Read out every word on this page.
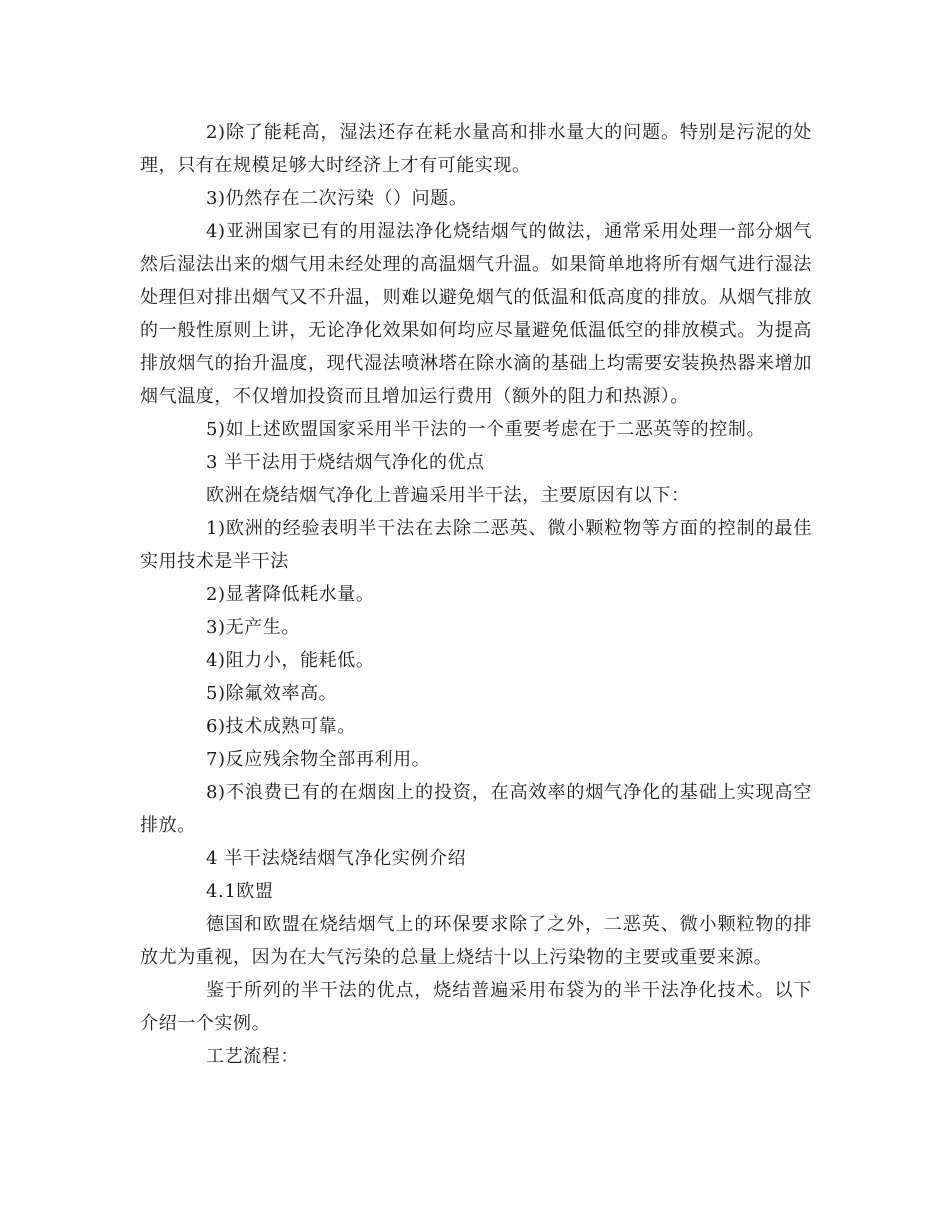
2)除了能耗高，湿法还存在耗水量高和排水量大的问题。特别是污泥的处理，只有在规模足够大时经济上才有可能实现。

3)仍然存在二次污染（）问题。

4)亚洲国家已有的用湿法净化烧结烟气的做法，通常采用处理一部分烟气然后湿法出来的烟气用未经处理的高温烟气升温。如果简单地将所有烟气进行湿法处理但对排出烟气又不升温，则难以避免烟气的低温和低高度的排放。从烟气排放的一般性原则上讲，无论净化效果如何均应尽量避免低温低空的排放模式。为提高排放烟气的抬升温度，现代湿法喷淋塔在除水滴的基础上均需要安装换热器来增加烟气温度，不仅增加投资而且增加运行费用（额外的阻力和热源）。

5)如上述欧盟国家采用半干法的一个重要考虑在于二恶英等的控制。

3 半干法用于烧结烟气净化的优点

欧洲在烧结烟气净化上普遍采用半干法，主要原因有以下：

1)欧洲的经验表明半干法在去除二恶英、微小颗粒物等方面的控制的最佳实用技术是半干法

2)显著降低耗水量。

3)无产生。

4)阻力小，能耗低。

5)除氟效率高。

6)技术成熟可靠。

7)反应残余物全部再利用。

8)不浪费已有的在烟囱上的投资，在高效率的烟气净化的基础上实现高空排放。

4 半干法烧结烟气净化实例介绍

4.1欧盟

德国和欧盟在烧结烟气上的环保要求除了之外，二恶英、微小颗粒物的排放尤为重视，因为在大气污染的总量上烧结十以上污染物的主要或重要来源。

鉴于所列的半干法的优点，烧结普遍采用布袋为的半干法净化技术。以下介绍一个实例。

工艺流程：
